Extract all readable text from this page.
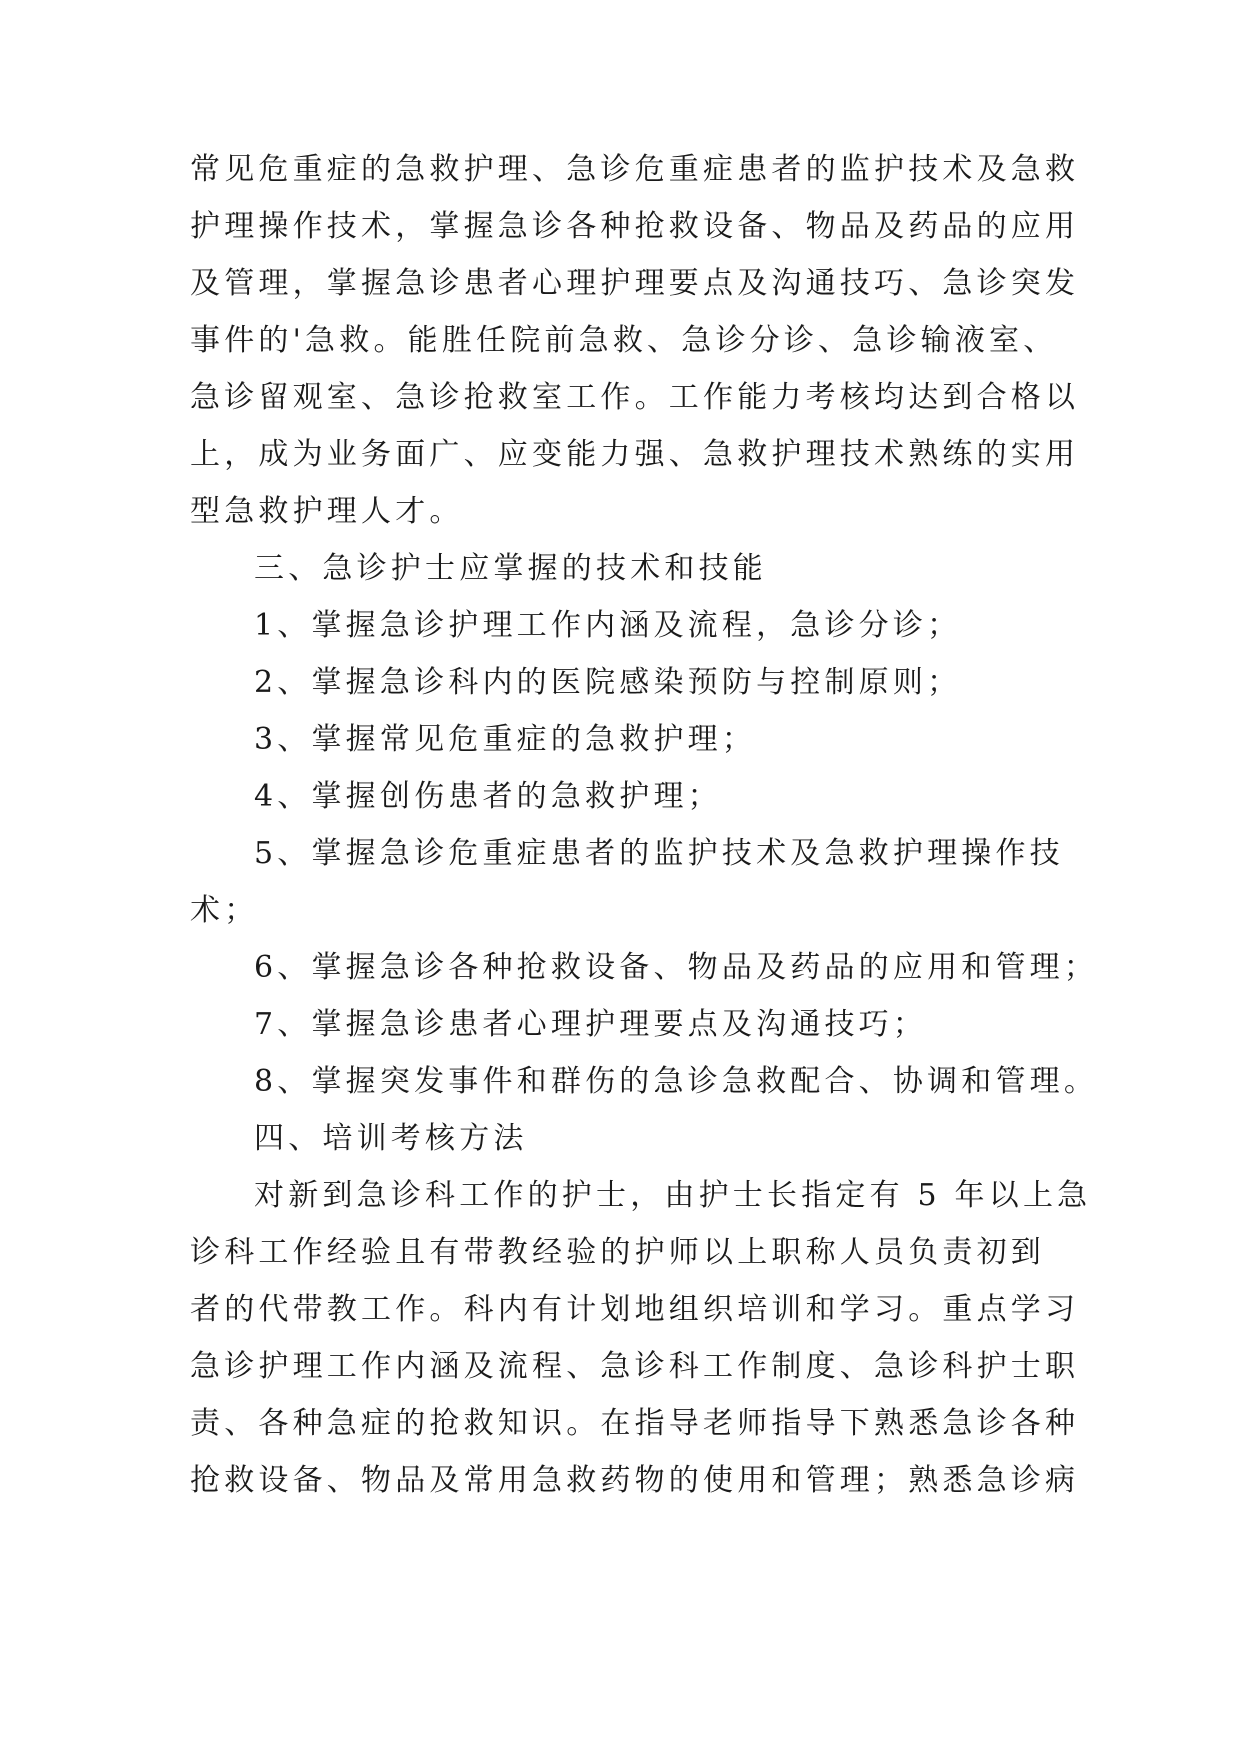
常见危重症的急救护理、急诊危重症患者的监护技术及急救
护理操作技术，掌握急诊各种抢救设备、物品及药品的应用
及管理，掌握急诊患者心理护理要点及沟通技巧、急诊突发
事件的'急救。能胜任院前急救、急诊分诊、急诊输液室、
急诊留观室、急诊抢救室工作。工作能力考核均达到合格以
上，成为业务面广、应变能力强、急救护理技术熟练的实用
型急救护理人才。
三、急诊护士应掌握的技术和技能
1、掌握急诊护理工作内涵及流程，急诊分诊；
2、掌握急诊科内的医院感染预防与控制原则；
3、掌握常见危重症的急救护理；
4、掌握创伤患者的急救护理；
5、掌握急诊危重症患者的监护技术及急救护理操作技
术；
6、掌握急诊各种抢救设备、物品及药品的应用和管理；
7、掌握急诊患者心理护理要点及沟通技巧；
8、掌握突发事件和群伤的急诊急救配合、协调和管理。
四、培训考核方法
对新到急诊科工作的护士，由护士长指定有 5 年以上急
诊科工作经验且有带教经验的护师以上职称人员负责初到
者的代带教工作。科内有计划地组织培训和学习。重点学习
急诊护理工作内涵及流程、急诊科工作制度、急诊科护士职
责、各种急症的抢救知识。在指导老师指导下熟悉急诊各种
抢救设备、物品及常用急救药物的使用和管理；熟悉急诊病
